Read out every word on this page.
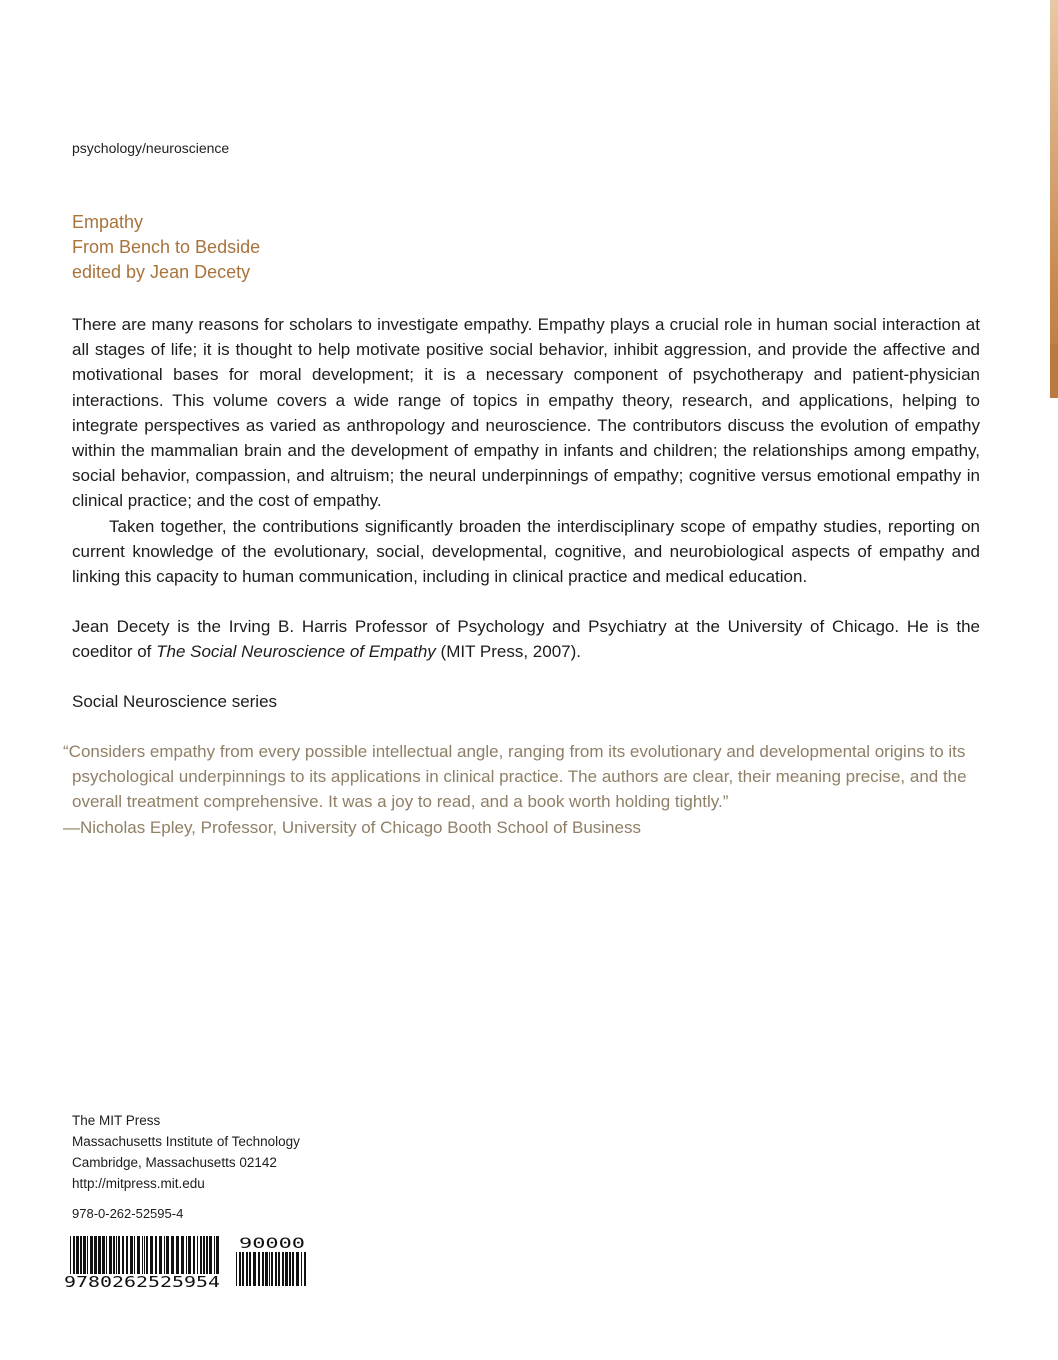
psychology/neuroscience
Empathy
From Bench to Bedside
edited by Jean Decety

There are many reasons for scholars to investigate empathy. Empathy plays a crucial role in human social interaction at all stages of life; it is thought to help motivate positive social behavior, inhibit aggression, and provide the affective and motivational bases for moral development; it is a necessary component of psychotherapy and patient-physician interactions. This volume covers a wide range of topics in empathy theory, research, and applications, helping to integrate perspectives as varied as anthropology and neuroscience. The contributors discuss the evolution of empathy within the mammalian brain and the development of empathy in infants and children; the relationships among empathy, social behavior, compassion, and altruism; the neural underpinnings of empathy; cognitive versus emotional empathy in clinical practice; and the cost of empathy.

Taken together, the contributions significantly broaden the interdisciplinary scope of empathy studies, reporting on current knowledge of the evolutionary, social, developmental, cognitive, and neurobiological aspects of empathy and linking this capacity to human communication, including in clinical practice and medical education.

Jean Decety is the Irving B. Harris Professor of Psychology and Psychiatry at the University of Chicago. He is the coeditor of The Social Neuroscience of Empathy (MIT Press, 2007).

Social Neuroscience series

“Considers empathy from every possible intellectual angle, ranging from its evolutionary and developmental origins to its psychological underpinnings to its applications in clinical practice. The authors are clear, their meaning precise, and the overall treatment comprehensive. It was a joy to read, and a book worth holding tightly.”

—Nicholas Epley, Professor, University of Chicago Booth School of Business

The MIT Press
Massachusetts Institute of Technology
Cambridge, Massachusetts 02142
http://mitpress.mit.edu
978-0-262-52595-4
9780262525954
90000
